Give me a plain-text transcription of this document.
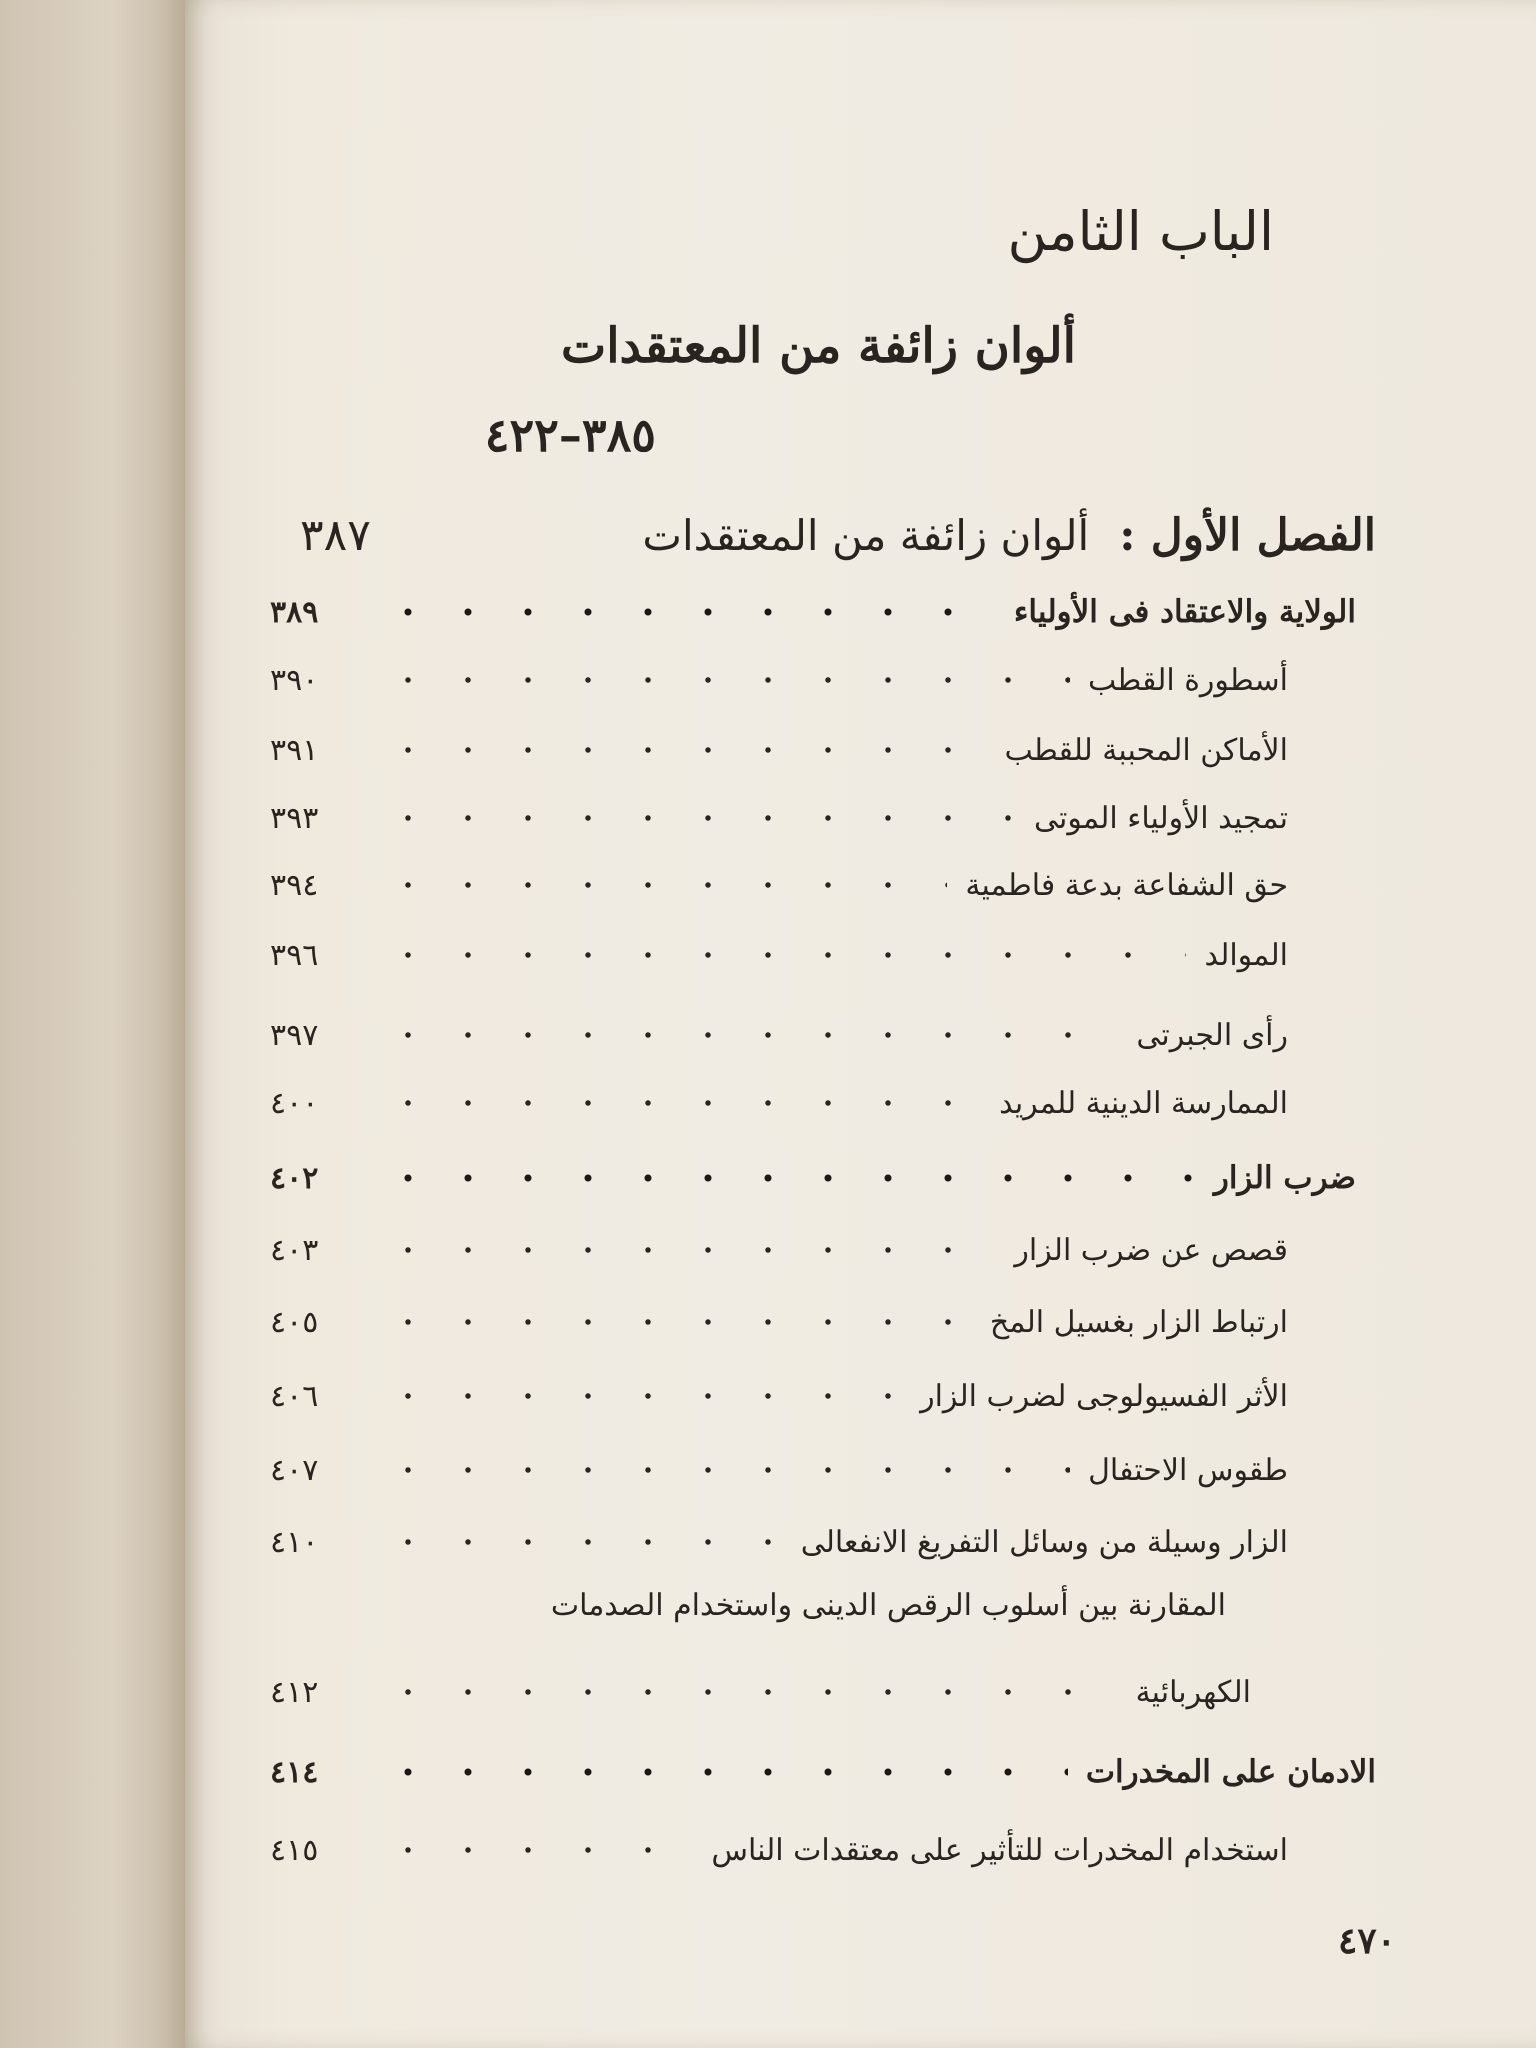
الباب الثامن
ألوان زائفة من المعتقدات
٣٨٥–٤٢٢
الفصل الأول :
ألوان زائفة من المعتقدات
٣٨٧
الولاية والاعتقاد فى الأولياء
٣٨٩
أسطورة القطب
٣٩٠
الأماكن المحببة للقطب
٣٩١
تمجيد الأولياء الموتى
٣٩٣
حق الشفاعة بدعة فاطمية
٣٩٤
الموالد
٣٩٦
رأى الجبرتى
٣٩٧
الممارسة الدينية للمريد
٤٠٠
ضرب الزار
٤٠٢
قصص عن ضرب الزار
٤٠٣
ارتباط الزار بغسيل المخ
٤٠٥
الأثر الفسيولوجى لضرب الزار
٤٠٦
طقوس الاحتفال
٤٠٧
الزار وسيلة من وسائل التفريغ الانفعالى
٤١٠
الكهربائية
٤١٢
الادمان على المخدرات
٤١٤
استخدام المخدرات للتأثير على معتقدات الناس
٤١٥

المقارنة بين أسلوب الرقص الدينى واستخدام الصدمات

٤٧٠
